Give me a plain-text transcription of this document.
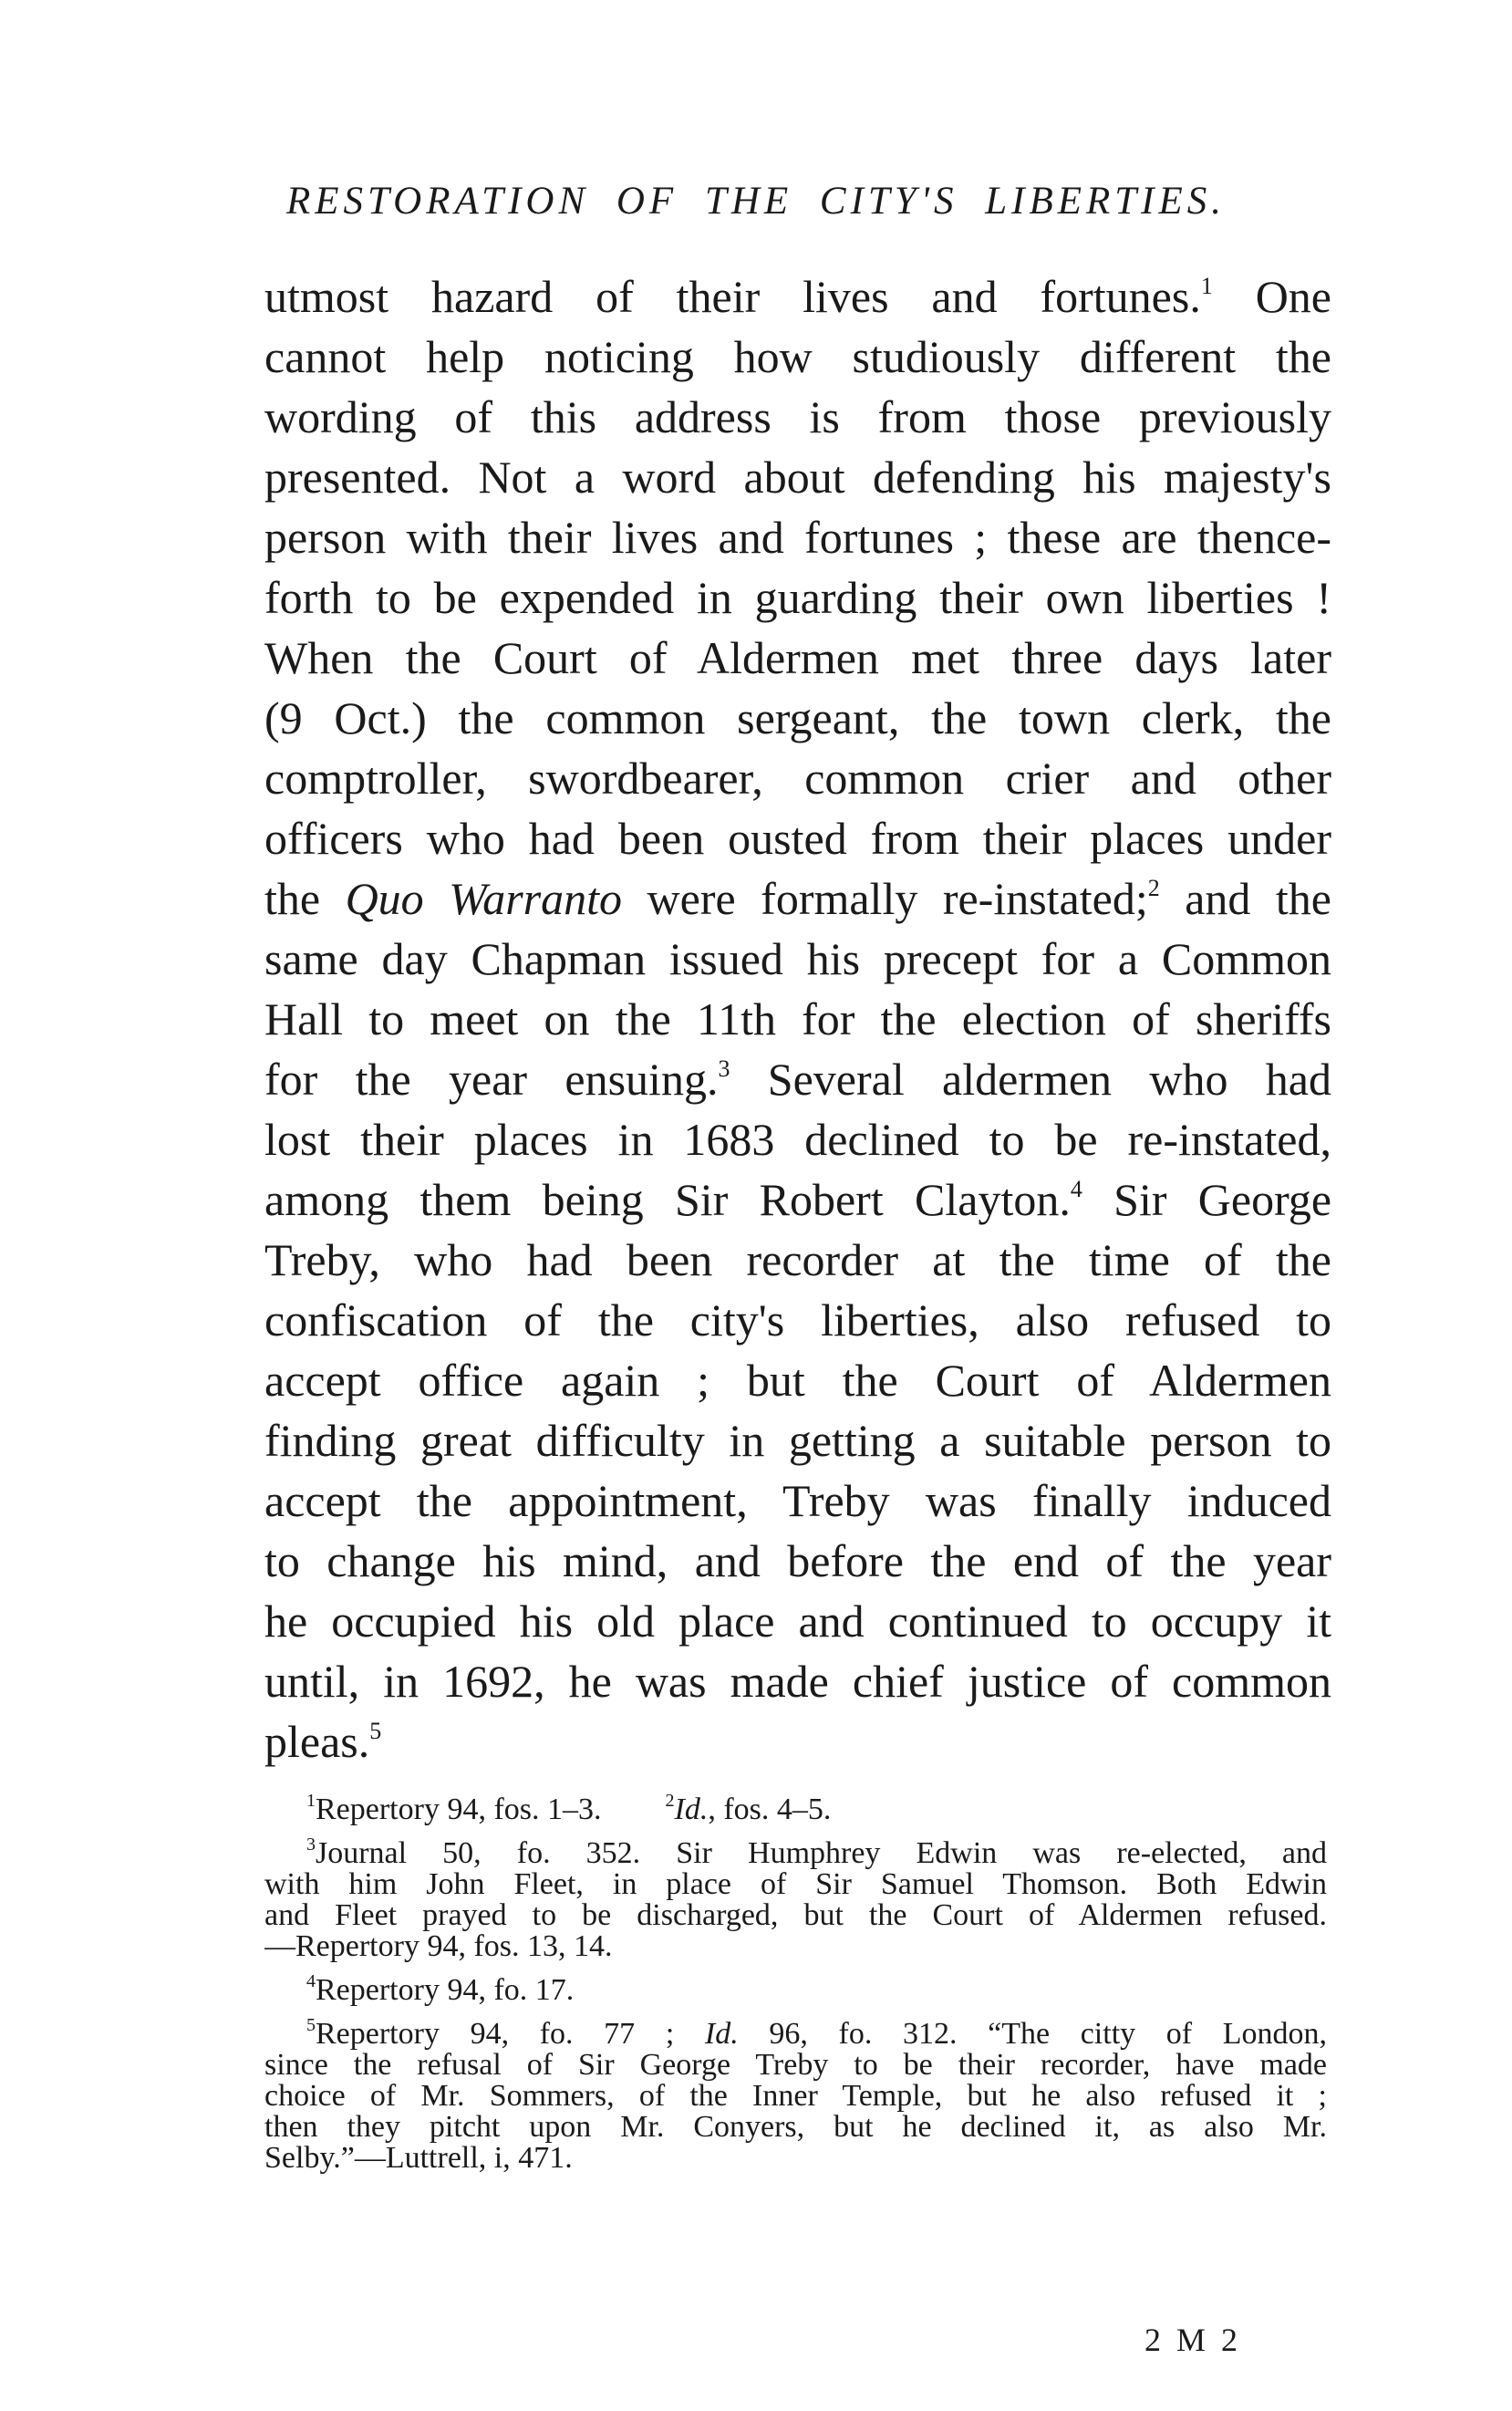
RESTORATION OF THE CITY'S LIBERTIES.
utmost hazard of their lives and fortunes.$^1$ One
cannot help noticing how studiously different the
wording of this address is from those previously
presented. Not a word about defending his majesty's
person with their lives and fortunes ; these are thence-
forth to be expended in guarding their own liberties !
When the Court of Aldermen met three days later
(9 Oct.) the common sergeant, the town clerk, the
comptroller, swordbearer, common crier and other
officers who had been ousted from their places under
the Quo Warranto were formally re-instated;$^2$ and the
same day Chapman issued his precept for a Common
Hall to meet on the 11th for the election of sheriffs
for the year ensuing.$^3$ Several aldermen who had
lost their places in 1683 declined to be re-instated,
among them being Sir Robert Clayton.$^4$ Sir George
Treby, who had been recorder at the time of the
confiscation of the city's liberties, also refused to
accept office again ; but the Court of Aldermen
finding great difficulty in getting a suitable person to
accept the appointment, Treby was finally induced
to change his mind, and before the end of the year
he occupied his old place and continued to occupy it
until, in 1692, he was made chief justice of common
pleas.$^5$
$^1$Repertory 94, fos. 1–3.	$^2$Id., fos. 4–5.
$^3$Journal 50, fo. 352. Sir Humphrey Edwin was re-elected, and
with him John Fleet, in place of Sir Samuel Thomson. Both Edwin
and Fleet prayed to be discharged, but the Court of Aldermen refused.
—Repertory 94, fos. 13, 14.
$^4$Repertory 94, fo. 17.
$^5$Repertory 94, fo. 77 ; Id. 96, fo. 312. “The citty of London,
since the refusal of Sir George Treby to be their recorder, have made
choice of Mr. Sommers, of the Inner Temple, but he also refused it ;
then they pitcht upon Mr. Conyers, but he declined it, as also Mr.
Selby.”—Luttrell, i, 471.
2 M 2
